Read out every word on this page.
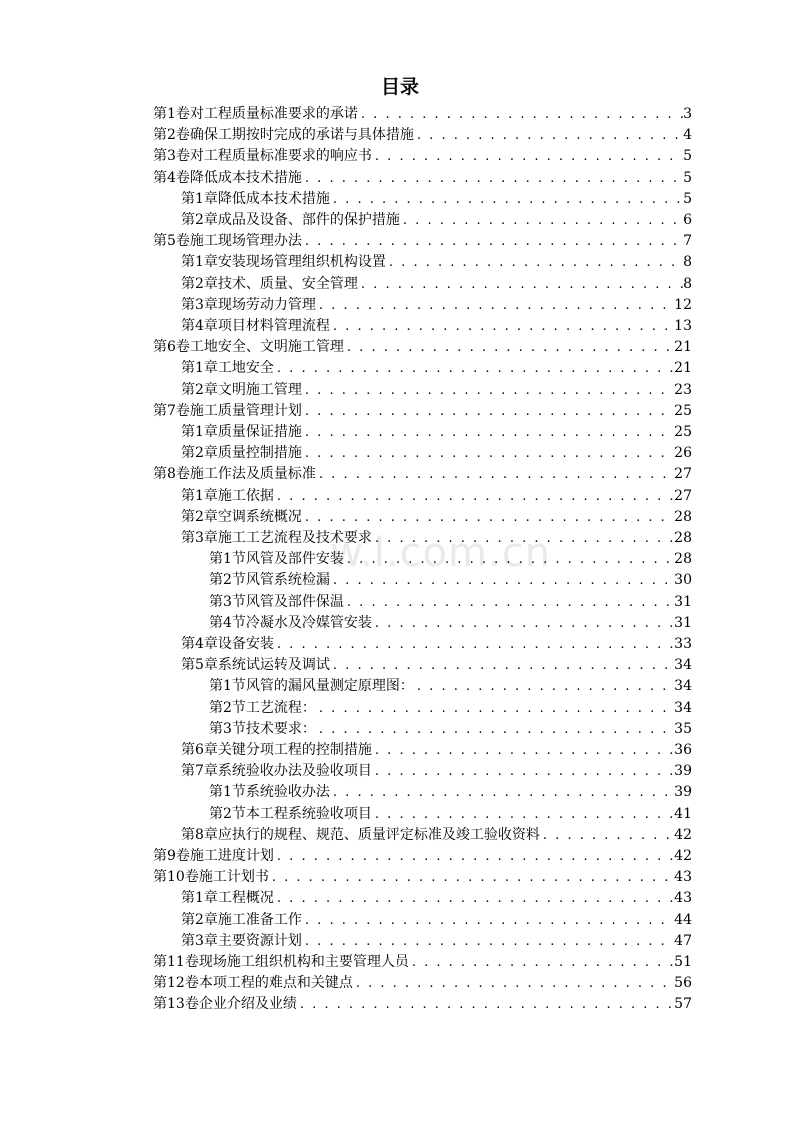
目录
w.l.com.cn
第1卷 对工程质量标准要求的承诺 . . .	3
第2卷 确保工期按时完成的承诺与具体措施 . . .	4
第3卷 对工程质量标准要求的响应书 . . .	5
第4卷 降低成本技术措施 . . .	5
第1章 降低成本技术措施 . . .	5
第2章 成品及设备、部件的保护措施 . . .	6
第5卷 施工现场管理办法 . . .	7
第1章 安装现场管理组织机构设置 . . .	8
第2章 技术、质量、安全管理 . . .	8
第3章 现场劳动力管理 . . .	12
第4章 项目材料管理流程 . . .	13
第6卷 工地安全、文明施工管理 . . .	21
第1章 工地安全 . . .	21
第2章 文明施工管理 . . .	23
第7卷 施工质量管理计划 . . .	25
第1章 质量保证措施 . . .	25
第2章 质量控制措施 . . .	26
第8卷 施工作法及质量标准 . . .	27
第1章 施工依据 . . .	27
第2章 空调系统概况 . . .	28
第3章 施工工艺流程及技术要求 . . .	28
第1节 风管及部件安装 . . .	28
第2节 风管系统检漏 . . .	30
第3节 风管及部件保温 . . .	31
第4节 冷凝水及冷媒管安装 . . .	31
第4章 设备安装 . . .	33
第5章 系统试运转及调试 . . .	34
第1节 风管的漏风量测定原理图： . . .	34
第2节 工艺流程： . . .	34
第3节 技术要求： . . .	35
第6章 关键分项工程的控制措施 . . .	36
第7章 系统验收办法及验收项目 . . .	39
第1节 系统验收办法 . . .	39
第2节 本工程系统验收项目 . . .	41
第8章 应执行的规程、规范、质量评定标准及竣工验收资料 . . .	42
第9卷 施工进度计划 . . .	42
第10卷 施工计划书 . . .	43
第1章 工程概况 . . .	43
第2章 施工准备工作 . . .	44
第3章 主要资源计划 . . .	47
第11卷 现场施工组织机构和主要管理人员 . . .	51
第12卷 本项工程的难点和关键点 . . .	56
第13卷 企业介绍及业绩 . . .	57
